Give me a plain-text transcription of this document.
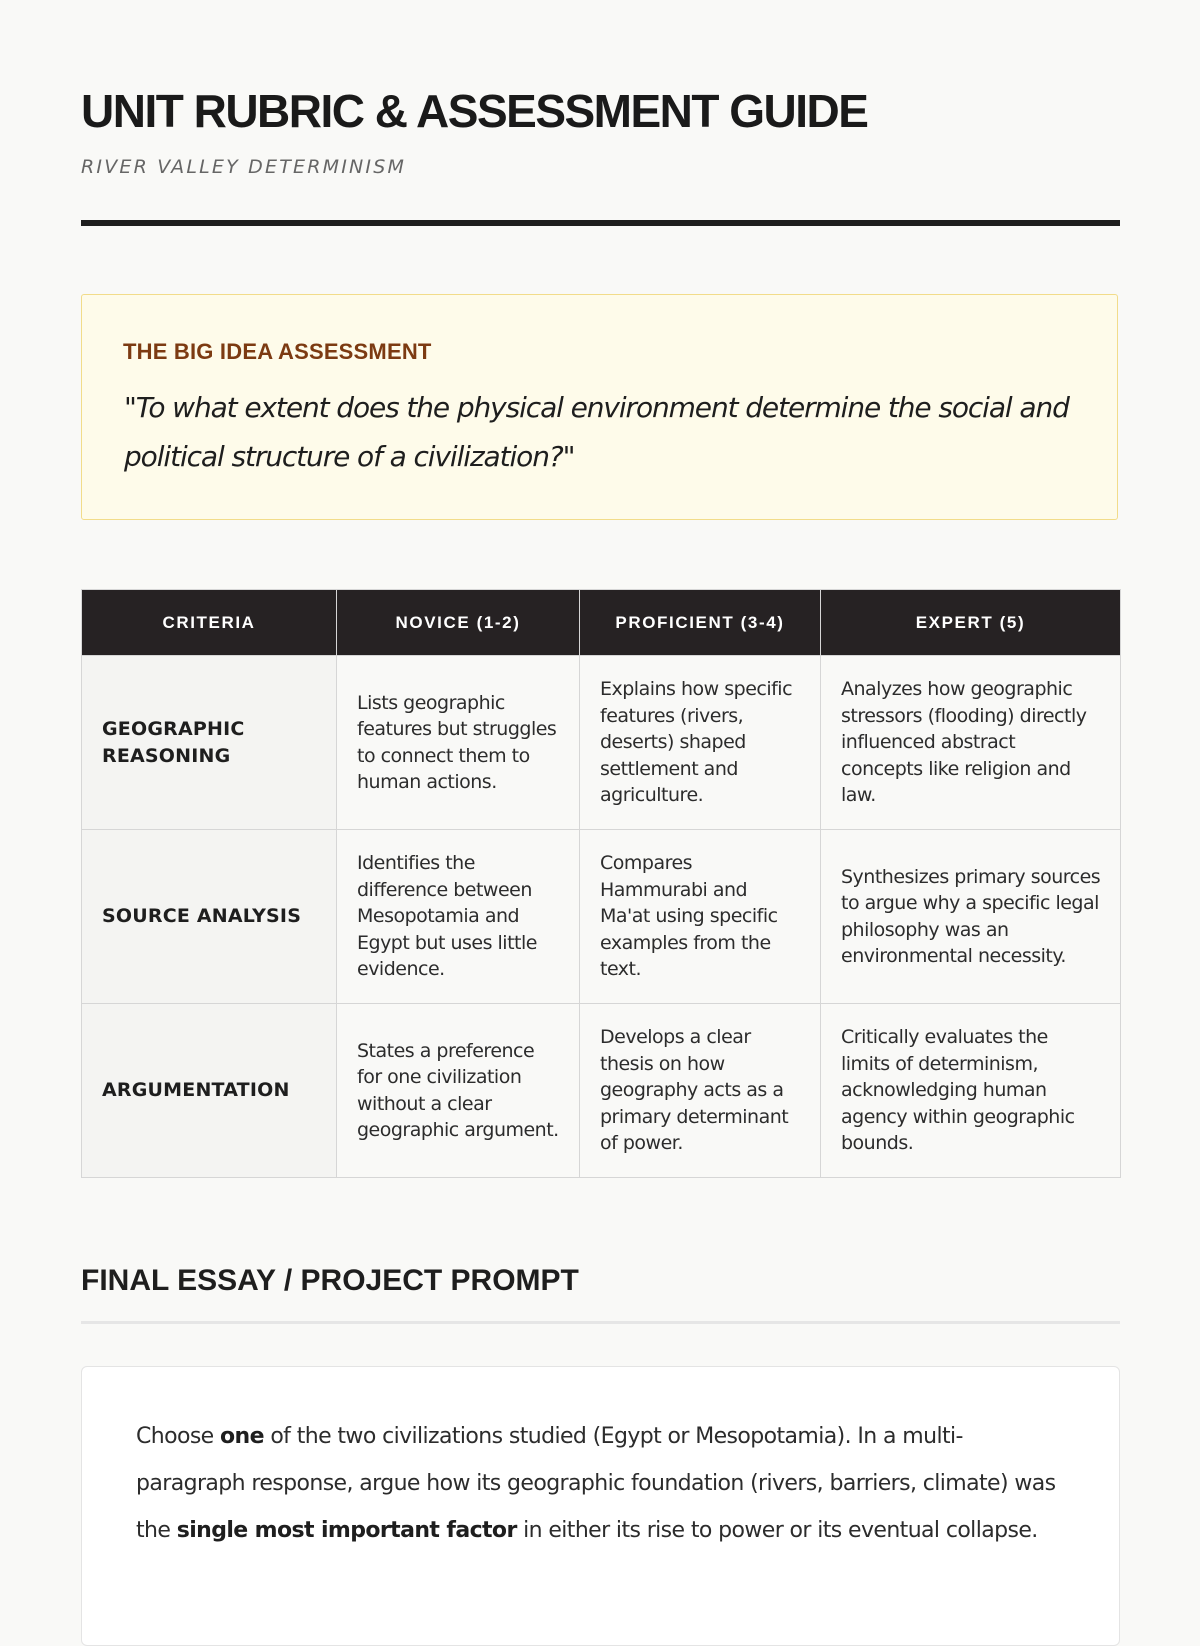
UNIT RUBRIC & ASSESSMENT GUIDE
RIVER VALLEY DETERMINISM
THE BIG IDEA ASSESSMENT
"To what extent does the physical environment determine the social and political structure of a civilization?"
CRITERIA	NOVICE (1-2)	PROFICIENT (3-4)	EXPERT (5)
GEOGRAPHIC REASONING	Lists geographic features but struggles to connect them to human actions.	Explains how specific features (rivers, deserts) shaped settlement and agriculture.	Analyzes how geographic stressors (flooding) directly influenced abstract concepts like religion and law.
SOURCE ANALYSIS	Identifies the difference between Mesopotamia and Egypt but uses little evidence.	Compares Hammurabi and Ma'at using specific examples from the text.	Synthesizes primary sources to argue why a specific legal philosophy was an environmental necessity.
ARGUMENTATION	States a preference for one civilization without a clear geographic argument.	Develops a clear thesis on how geography acts as a primary determinant of power.	Critically evaluates the limits of determinism, acknowledging human agency within geographic bounds.
FINAL ESSAY / PROJECT PROMPT

Choose one of the two civilizations studied (Egypt or Mesopotamia). In a multi-paragraph response, argue how its geographic foundation (rivers, barriers, climate) was the single most important factor in either its rise to power or its eventual collapse.
